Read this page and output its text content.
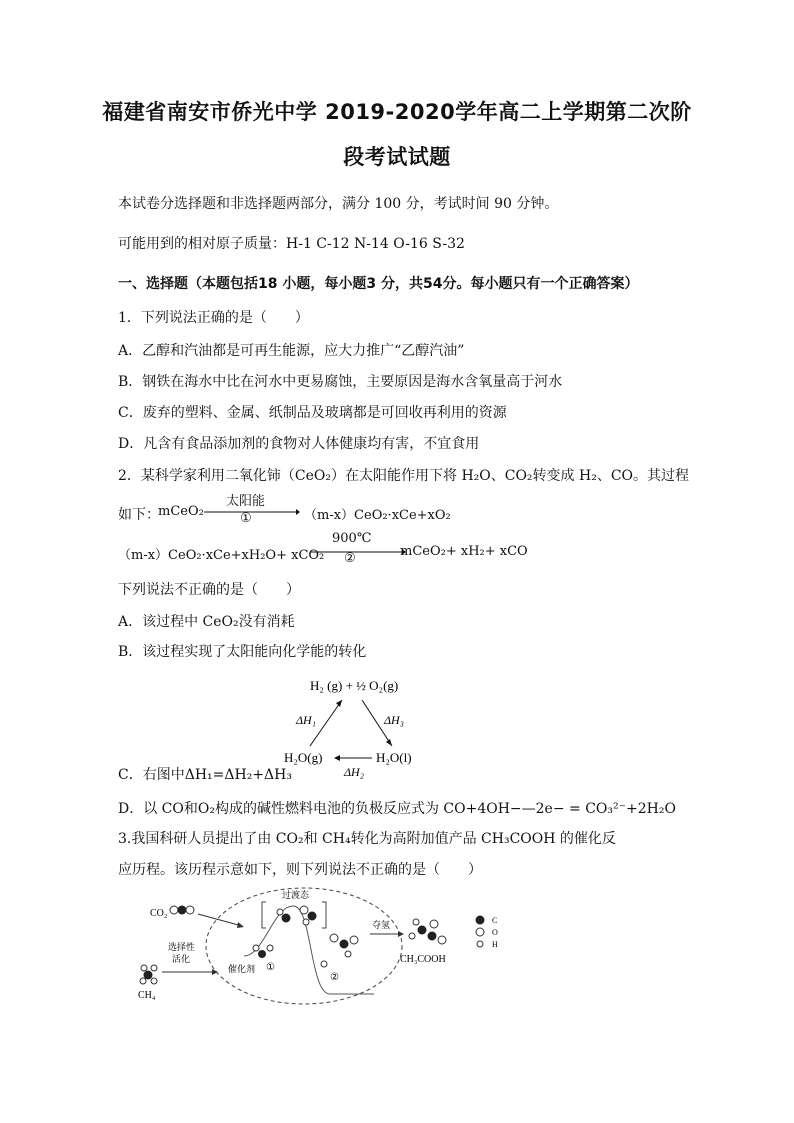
福建省南安市侨光中学 2019-2020学年高二上学期第二次阶
段考试试题
本试卷分选择题和非选择题两部分，满分 100 分，考试时间 90 分钟。
可能用到的相对原子质量：H-1 C-12 N-14 O-16 S-32
一、选择题（本题包括18 小题，每小题3 分，共54分。每小题只有一个正确答案）
1．下列说法正确的是（　　）
A．乙醇和汽油都是可再生能源，应大力推广“乙醇汽油”
B．钢铁在海水中比在河水中更易腐蚀，主要原因是海水含氧量高于河水
C．废弃的塑料、金属、纸制品及玻璃都是可回收再利用的资源
D．凡含有食品添加剂的食物对人体健康均有害，不宜食用
2．某科学家利用二氧化铈（CeO₂）在太阳能作用下将 H₂O、CO₂转变成 H₂、CO。其过程
如下：
mCeO₂
太阳能
①	（m-x）CeO₂·xCe+xO₂
（m-x）CeO₂·xCe+xH₂O+ xCO₂
900℃
②	mCeO₂+ xH₂+ xCO
下列说法不正确的是（　　）
A．该过程中 CeO₂没有消耗
B．该过程实现了太阳能向化学能的转化
H₂ (g) + ½ O₂(g)
H₂O(g)	H₂O(l)
ΔH₁	ΔH₃
ΔH₂
C．右图中ΔH₁=ΔH₂+ΔH₃
D．以 CO和O₂构成的碱性燃料电池的负极反应式为 CO+4OH−—2e− = CO₃²⁻+2H₂O
3.我国科研人员提出了由 CO₂和 CH₄转化为高附加值产品 CH₃COOH 的催化反
应历程。该历程示意如下，则下列说法不正确的是（　　）
CO₂
CH₄
选择性
活化
过渡态
催化剂 ①
②
夺氢
CH₃COOH
C
O
H
